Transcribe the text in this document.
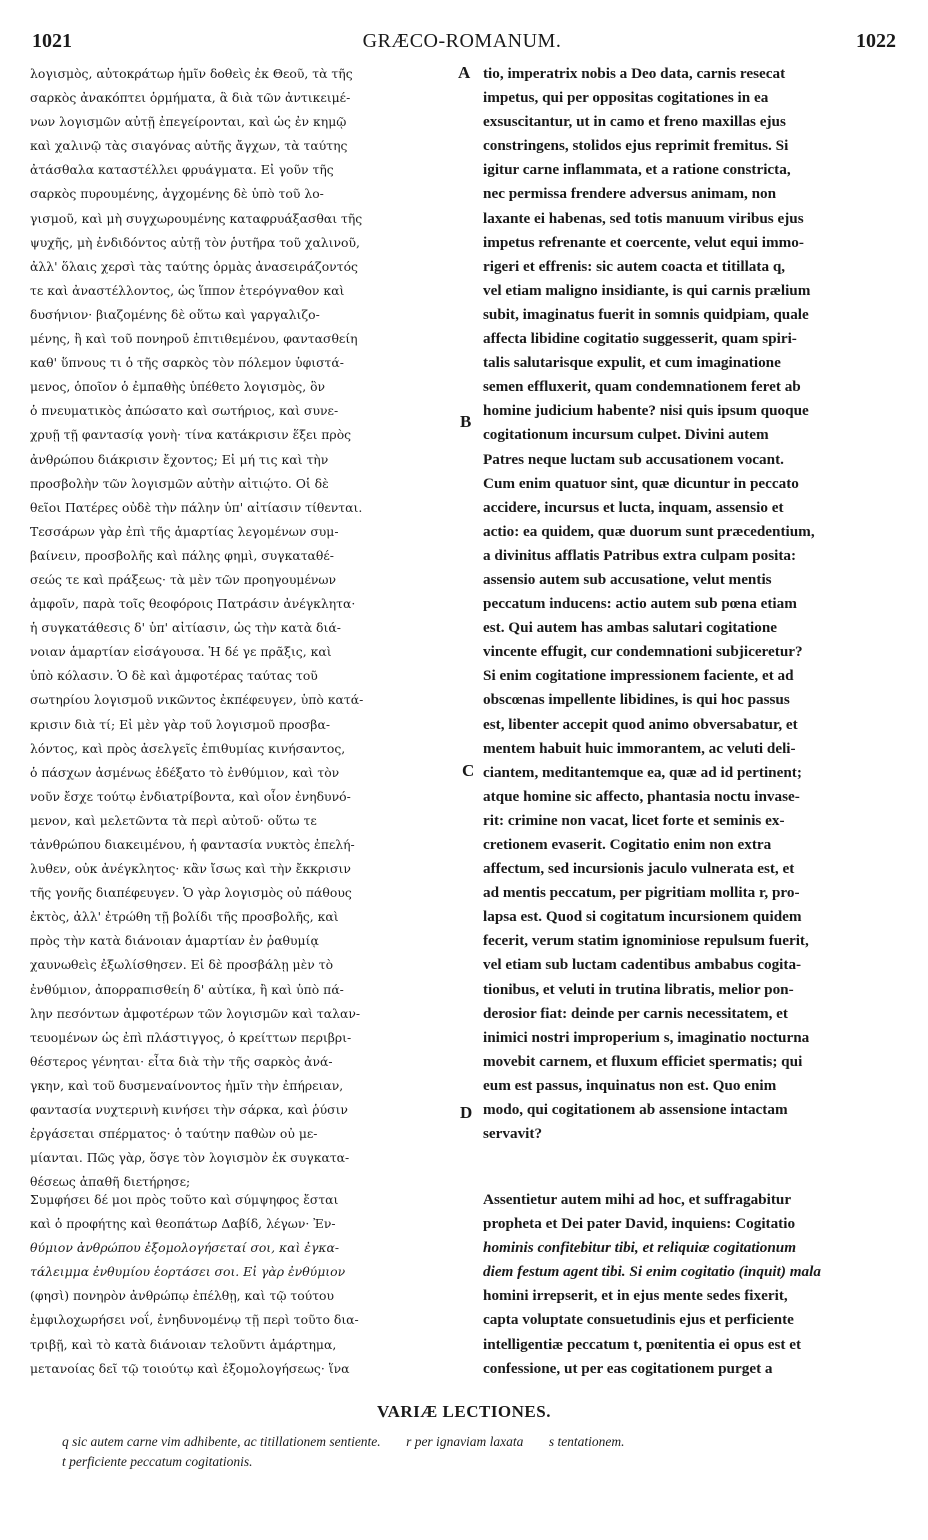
1021	GRÆCO-ROMANUM.	1022
λογισμὸς, αὐτοκράτωρ ἡμῖν δοθεὶς ἐκ Θεοῦ, τὰ τῆς
σαρκὸς ἀνακόπτει ὁρμήματα, ἃ διὰ τῶν ἀντικειμέ-
νων λογισμῶν αὐτῇ ἐπεγείρονται, καὶ ὡς ἐν κημῷ
καὶ χαλινῷ τὰς σιαγόνας αὐτῆς ἄγχων, τὰ ταύτης
ἀτάσθαλα καταστέλλει φρυάγματα. Εἰ γοῦν τῆς
σαρκὸς πυρουμένης, ἀγχομένης δὲ ὑπὸ τοῦ λο-
γισμοῦ, καὶ μὴ συγχωρουμένης καταφρυάξασθαι τῆς
ψυχῆς, μὴ ἐνδιδόντος αὐτῇ τὸν ῥυτῆρα τοῦ χαλινοῦ,
ἀλλ' ὅλαις χερσὶ τὰς ταύτης ὁρμὰς ἀνασειράζοντός
τε καὶ ἀναστέλλοντος, ὡς ἵππον ἑτερόγναθον καὶ
δυσήνιον· βιαζομένης δὲ οὕτω καὶ γαργαλιζο-
μένης, ἢ καὶ τοῦ πονηροῦ ἐπιτιθεμένου, φαντασθείη
καθ' ὕπνους τι ὁ τῆς σαρκὸς τὸν πόλεμον ὑφιστά-
μενος, ὁποῖον ὁ ἐμπαθὴς ὑπέθετο λογισμὸς, ὃν
ὁ πνευματικὸς ἀπώσατο καὶ σωτήριος, καὶ συνε-
χρυῇ τῇ φαντασίᾳ γονὴ· τίνα κατάκρισιν ἕξει πρὸς
ἀνθρώπου διάκρισιν ἔχοντος; Εἰ μή τις καὶ τὴν
προσβολὴν τῶν λογισμῶν αὐτὴν αἰτιῴτο. Οἱ δὲ
θεῖοι Πατέρες οὐδὲ τὴν πάλην ὑπ' αἰτίασιν τίθενται.
Τεσσάρων γὰρ ἐπὶ τῆς ἁμαρτίας λεγομένων συμ-
βαίνειν, προσβολῆς καὶ πάλης φημὶ, συγκαταθέ-
σεώς τε καὶ πράξεως· τὰ μὲν τῶν προηγουμένων
ἀμφοῖν, παρὰ τοῖς θεοφόροις Πατράσιν ἀνέγκλητα·
ἡ συγκατάθεσις δ' ὑπ' αἰτίασιν, ὡς τὴν κατὰ διά-
νοιαν ἁμαρτίαν εἰσάγουσα. Ἡ δέ γε πρᾶξις, καὶ
ὑπὸ κόλασιν. Ὁ δὲ καὶ ἀμφοτέρας ταύτας τοῦ
σωτηρίου λογισμοῦ νικῶντος ἐκπέφευγεν, ὑπὸ κατά-
κρισιν διὰ τί; Εἰ μὲν γὰρ τοῦ λογισμοῦ προσβα-
λόντος, καὶ πρὸς ἀσελγεῖς ἐπιθυμίας κινήσαντος,
ὁ πάσχων ἀσμένως ἐδέξατο τὸ ἐνθύμιον, καὶ τὸν
νοῦν ἔσχε τούτῳ ἐνδιατρίβοντα, καὶ οἷον ἐνηδυνό-
μενον, καὶ μελετῶντα τὰ περὶ αὐτοῦ· οὕτω τε
τἀνθρώπου διακειμένου, ἡ φαντασία νυκτὸς ἐπελή-
λυθεν, οὐκ ἀνέγκλητος· κἂν ἴσως καὶ τὴν ἔκκρισιν
τῆς γονῆς διαπέφευγεν. Ὁ γὰρ λογισμὸς οὐ πάθους
ἐκτὸς, ἀλλ' ἐτρώθη τῇ βολίδι τῆς προσβολῆς, καὶ
πρὸς τὴν κατὰ διάνοιαν ἁμαρτίαν ἐν ῥαθυμίᾳ
χαυνωθεὶς ἐξωλίσθησεν. Εἰ δὲ προσβάλῃ μὲν τὸ
ἐνθύμιον, ἀπορραπισθείη δ' αὐτίκα, ἢ καὶ ὑπὸ πά-
λην πεσόντων ἀμφοτέρων τῶν λογισμῶν καὶ ταλαν-
τευομένων ὡς ἐπὶ πλάστιγγος, ὁ κρείττων περιβρι-
θέστερος γένηται· εἶτα διὰ τὴν τῆς σαρκὸς ἀνά-
γκην, καὶ τοῦ δυσμεναίνοντος ἡμῖν τὴν ἐπήρειαν,
φαντασία νυχτερινὴ κινήσει τὴν σάρκα, καὶ ῥύσιν
ἐργάσεται σπέρματος· ὁ ταύτην παθὼν οὐ με-
μίανται. Πῶς γὰρ, ὅσγε τὸν λογισμὸν ἐκ συγκατα-
θέσεως ἀπαθῆ διετήρησε;
tio, imperatrix nobis a Deo data, carnis resecat
impetus, qui per oppositas cogitationes in ea
exsuscitantur, ut in camo et freno maxillas ejus
constringens, stolidos ejus reprimit fremitus. Si
igitur carne inflammata, et a ratione constricta,
nec permissa frendere adversus animam, non
laxante ei habenas, sed totis manuum viribus ejus
impetus refrenante et coercente, velut equi immo-
rigeri et effrenis: sic autem coacta et titillata q,
vel etiam maligno insidiante, is qui carnis prælium
subit, imaginatus fuerit in somnis quidpiam, quale
affecta libidine cogitatio suggesserit, quam spiri-
talis salutarisque expulit, et cum imaginatione
semen effluxerit, quam condemnationem feret ab
homine judicium habente? nisi quis ipsum quoque
cogitationum incursum culpet. Divini autem
Patres neque luctam sub accusationem vocant.
Cum enim quatuor sint, quæ dicuntur in peccato
accidere, incursus et lucta, inquam, assensio et
actio: ea quidem, quæ duorum sunt præcedentium,
a divinitus afflatis Patribus extra culpam posita:
assensio autem sub accusatione, velut mentis
peccatum inducens: actio autem sub pœna etiam
est. Qui autem has ambas salutari cogitatione
vincente effugit, cur condemnationi subjiceretur?
Si enim cogitatione impressionem faciente, et ad
obscœnas impellente libidines, is qui hoc passus
est, libenter accepit quod animo obversabatur, et
mentem habuit huic immorantem, ac veluti deli-
ciantem, meditantemque ea, quæ ad id pertinent;
atque homine sic affecto, phantasia noctu invase-
rit: crimine non vacat, licet forte et seminis ex-
cretionem evaserit. Cogitatio enim non extra
affectum, sed incursionis jaculo vulnerata est, et
ad mentis peccatum, per pigritiam mollita r, pro-
lapsa est. Quod si cogitatum incursionem quidem
fecerit, verum statim ignominiose repulsum fuerit,
vel etiam sub luctam cadentibus ambabus cogita-
tionibus, et veluti in trutina libratis, melior pon-
derosior fiat: deinde per carnis necessitatem, et
inimici nostri improperium s, imaginatio nocturna
movebit carnem, et fluxum efficiet spermatis; qui
eum est passus, inquinatus non est. Quo enim
modo, qui cogitationem ab assensione intactam
servavit?
A
B
C
D
Συμφήσει δέ μοι πρὸς τοῦτο καὶ σύμψηφος ἔσται
καὶ ὁ προφήτης καὶ θεοπάτωρ Δαβίδ, λέγων· Ἐν-
θύμιον ἀνθρώπου ἐξομολογήσεταί σοι, καὶ ἐγκα-
τάλειμμα ἐνθυμίου ἑορτάσει σοι. Εἰ γὰρ ἐνθύμιον
(φησὶ) πονηρὸν ἀνθρώπῳ ἐπέλθῃ, καὶ τῷ τούτου
ἐμφιλοχωρήσει νοΐ, ἐνηδυνομένῳ τῇ περὶ τοῦτο δια-
τριβῇ, καὶ τὸ κατὰ διάνοιαν τελοῦντι ἁμάρτημα,
μετανοίας δεῖ τῷ τοιούτῳ καὶ ἐξομολογήσεως· ἵνα
Assentietur autem mihi ad hoc, et suffragabitur
propheta et Dei pater David, inquiens: Cogitatio
hominis confitebitur tibi, et reliquiæ cogitationum
diem festum agent tibi. Si enim cogitatio (inquit) mala
homini irrepserit, et in ejus mente sedes fixerit,
capta voluptate consuetudinis ejus et perficiente
intelligentiæ peccatum t, pœnitentia ei opus est et
confessione, ut per eas cogitationem purget a
VARIÆ LECTIONES.
q sic autem carne vim adhibente, ac titillationem sentiente. r per ignaviam laxata s tentationem.
t perficiente peccatum cogitationis.
